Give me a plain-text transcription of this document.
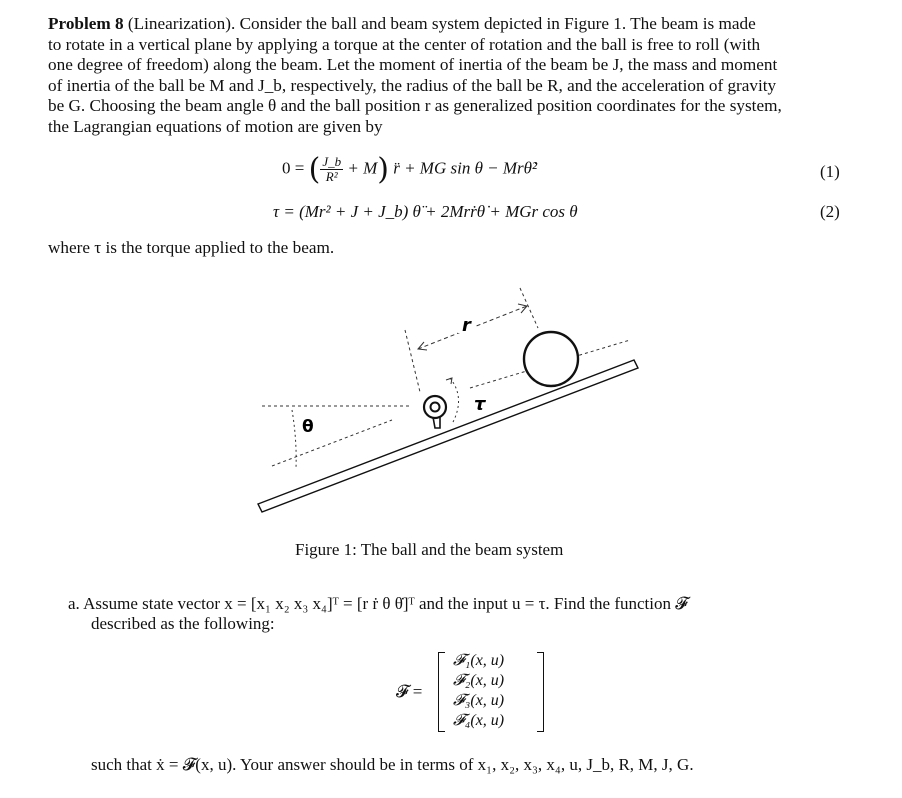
Problem 8 (Linearization). Consider the ball and beam system depicted in Figure 1. The beam is made
to rotate in a vertical plane by applying a torque at the center of rotation and the ball is free to roll (with
one degree of freedom) along the beam. Let the moment of inertia of the beam be J, the mass and moment
of inertia of the ball be M and J_b, respectively, the radius of the ball be R, and the acceleration of gravity
be G. Choosing the beam angle θ and the ball position r as generalized position coordinates for the system,
the Lagrangian equations of motion are given by
0 = ( $\frac{J\_b}{\text{R²}} + M$) r̈ + MG sin θ − Mrθ̇²	(1)
τ = (Mr² + J + J_b) θ̈ + 2Mrṙθ̇ + MGr cos θ	(2)
where τ is the torque applied to the beam.
θ
τ
r
Figure 1: The ball and the beam system
a. Assume state vector x = [x₁ x₂ x₃ x₄]ᵀ = [r ṙ θ θ̇]ᵀ and the input u = τ. Find the function 𝓕
described as the following:
𝓕 =
𝓕₁(x, u)
𝓕₂(x, u)
𝓕₃(x, u)
𝓕₄(x, u)
such that ẋ = 𝓕(x, u). Your answer should be in terms of x₁, x₂, x₃, x₄, u, J_b, R, M, J, G.
